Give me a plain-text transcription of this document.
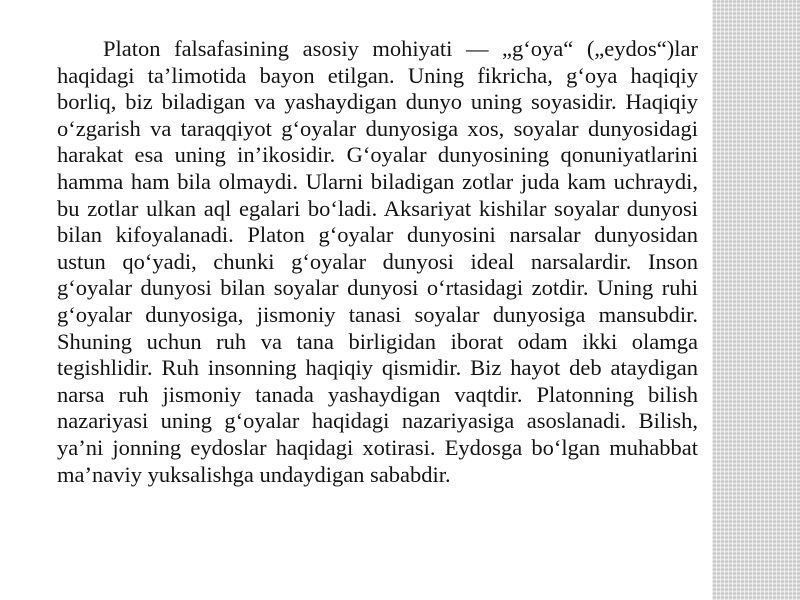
Platon falsafasining asosiy mohiyati — „g‘oya“ („eydos“)lar haqidagi ta’limotida bayon etilgan. Uning fikricha, g‘oya haqiqiy borliq, biz biladigan va yashaydigan dunyo uning soyasidir. Haqiqiy o‘zgarish va taraqqiyot g‘oyalar dunyosiga xos, soyalar dunyosidagi harakat esa uning in’ikosidir. G‘oyalar dunyosining qonuniyatlarini hamma ham bila olmaydi. Ularni biladigan zotlar juda kam uchraydi, bu zotlar ulkan aql egalari bo‘ladi. Aksariyat kishilar soyalar dunyosi bilan kifoyalanadi. Platon g‘oyalar dunyosini narsalar dunyosidan ustun qo‘yadi, chunki g‘oyalar dunyosi ideal narsalardir. Inson g‘oyalar dunyosi bilan soyalar dunyosi o‘rtasidagi zotdir. Uning ruhi g‘oyalar dunyosiga, jismoniy tanasi soyalar dunyosiga mansubdir. Shuning uchun ruh va tana birligidan iborat odam ikki olamga tegishlidir. Ruh insonning haqiqiy qismidir. Biz hayot deb ataydigan narsa ruh jismoniy tanada yashaydigan vaqtdir. Platonning bilish nazariyasi uning g‘oyalar haqidagi nazariyasiga asoslanadi. Bilish, ya’ni jonning eydoslar haqidagi xotirasi. Eydosga bo‘lgan muhabbat ma’naviy yuksalishga undaydigan sababdir.
